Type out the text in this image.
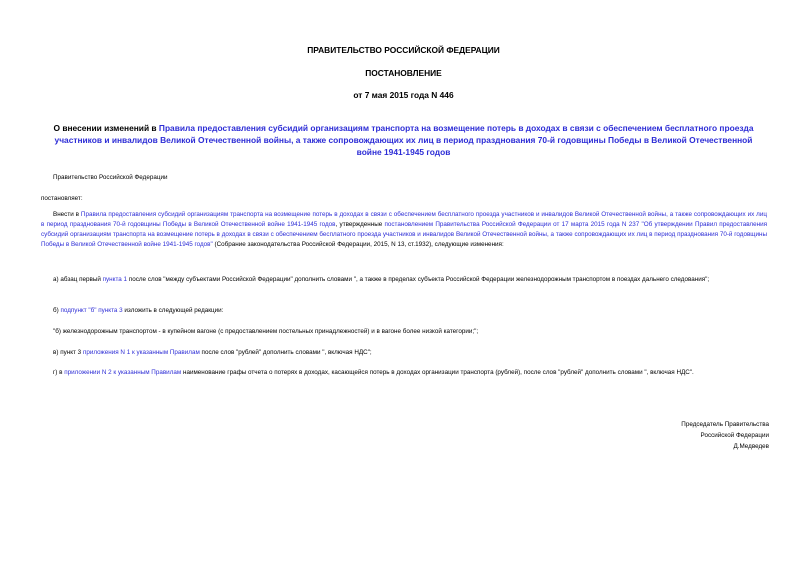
ПРАВИТЕЛЬСТВО РОССИЙСКОЙ ФЕДЕРАЦИИ
ПОСТАНОВЛЕНИЕ
от 7 мая 2015 года N 446
О внесении изменений в Правила предоставления субсидий организациям транспорта на возмещение потерь в доходах в связи с обеспечением бесплатного проезда участников и инвалидов Великой Отечественной войны, а также сопровождающих их лиц в период празднования 70-й годовщины Победы в Великой Отечественной войне 1941-1945 годов
Правительство Российской Федерации
постановляет:
Внести в Правила предоставления субсидий организациям транспорта на возмещение потерь в доходах в связи с обеспечением бесплатного проезда участников и инвалидов Великой Отечественной войны, а также сопровождающих их лиц в период празднования 70-й годовщины Победы в Великой Отечественной войне 1941-1945 годов, утвержденные постановлением Правительства Российской Федерации от 17 марта 2015 года N 237 "Об утверждении Правил предоставления субсидий организациям транспорта на возмещение потерь в доходах в связи с обеспечением бесплатного проезда участников и инвалидов Великой Отечественной войны, а также сопровождающих их лиц в период празднования 70-й годовщины Победы в Великой Отечественной войне 1941-1945 годов" (Собрание законодательства Российской Федерации, 2015, N 13, ст.1932), следующие изменения:
а) абзац первый пункта 1 после слов "между субъектами Российской Федерации" дополнить словами ", а также в пределах субъекта Российской Федерации железнодорожным транспортом в поездах дальнего следования";
б) подпункт "б" пункта 3 изложить в следующей редакции:
"б) железнодорожным транспортом - в купейном вагоне (с предоставлением постельных принадлежностей) и в вагоне более низкой категории;";
в) пункт 3 приложения N 1 к указанным Правилам после слов "рублей" дополнить словами ", включая НДС";
г) в приложении N 2 к указанным Правилам наименование графы отчета о потерях в доходах, касающейся потерь в доходах организации транспорта (рублей), после слов "рублей" дополнить словами ", включая НДС".
Председатель Правительства
Российской Федерации
Д.Медведев
